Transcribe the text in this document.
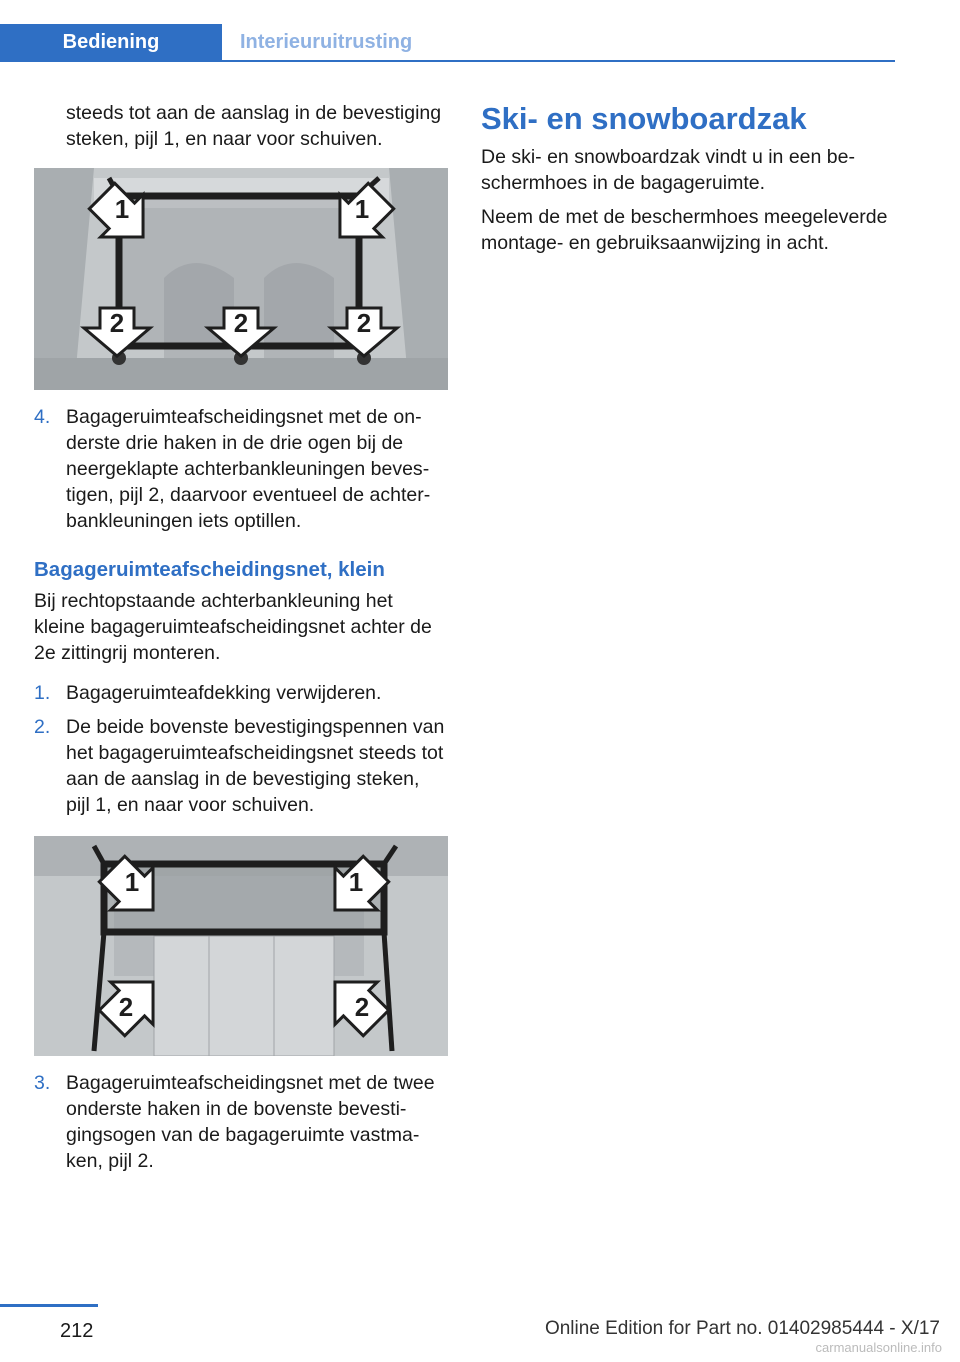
Bediening	Interieuruitrusting

steeds tot aan de aanslag in de bevestiging steken, pijl 1, en naar voor schuiven.

1	1
2	2	2
4. Bagageruimteafscheidingsnet met de onderste drie haken in de drie ogen bij de neergeklapte achterbankleuningen bevestigen, pijl 2, daarvoor eventueel de achterbankleuningen iets optillen.

Bagageruimteafscheidingsnet, klein

Bij rechtopstaande achterbankleuning het kleine bagageruimteafscheidingsnet achter de 2e zittingrij monteren.

1. Bagageruimteafdekking verwijderen.
2. De beide bovenste bevestigingspennen van het bagageruimteafscheidingsnet steeds tot aan de aanslag in de bevestiging steken, pijl 1, en naar voor schuiven.
1	1
2	2
3. Bagageruimteafscheidingsnet met de twee onderste haken in de bovenste bevestigingsogen van de bagageruimte vastmaken, pijl 2.

Ski- en snowboardzak

De ski- en snowboardzak vindt u in een beschermhoes in de bagageruimte.

Neem de met de beschermhoes meegeleverde montage- en gebruiksaanwijzing in acht.

212	Online Edition for Part no. 01402985444 - X/17
carmanualsonline.info
